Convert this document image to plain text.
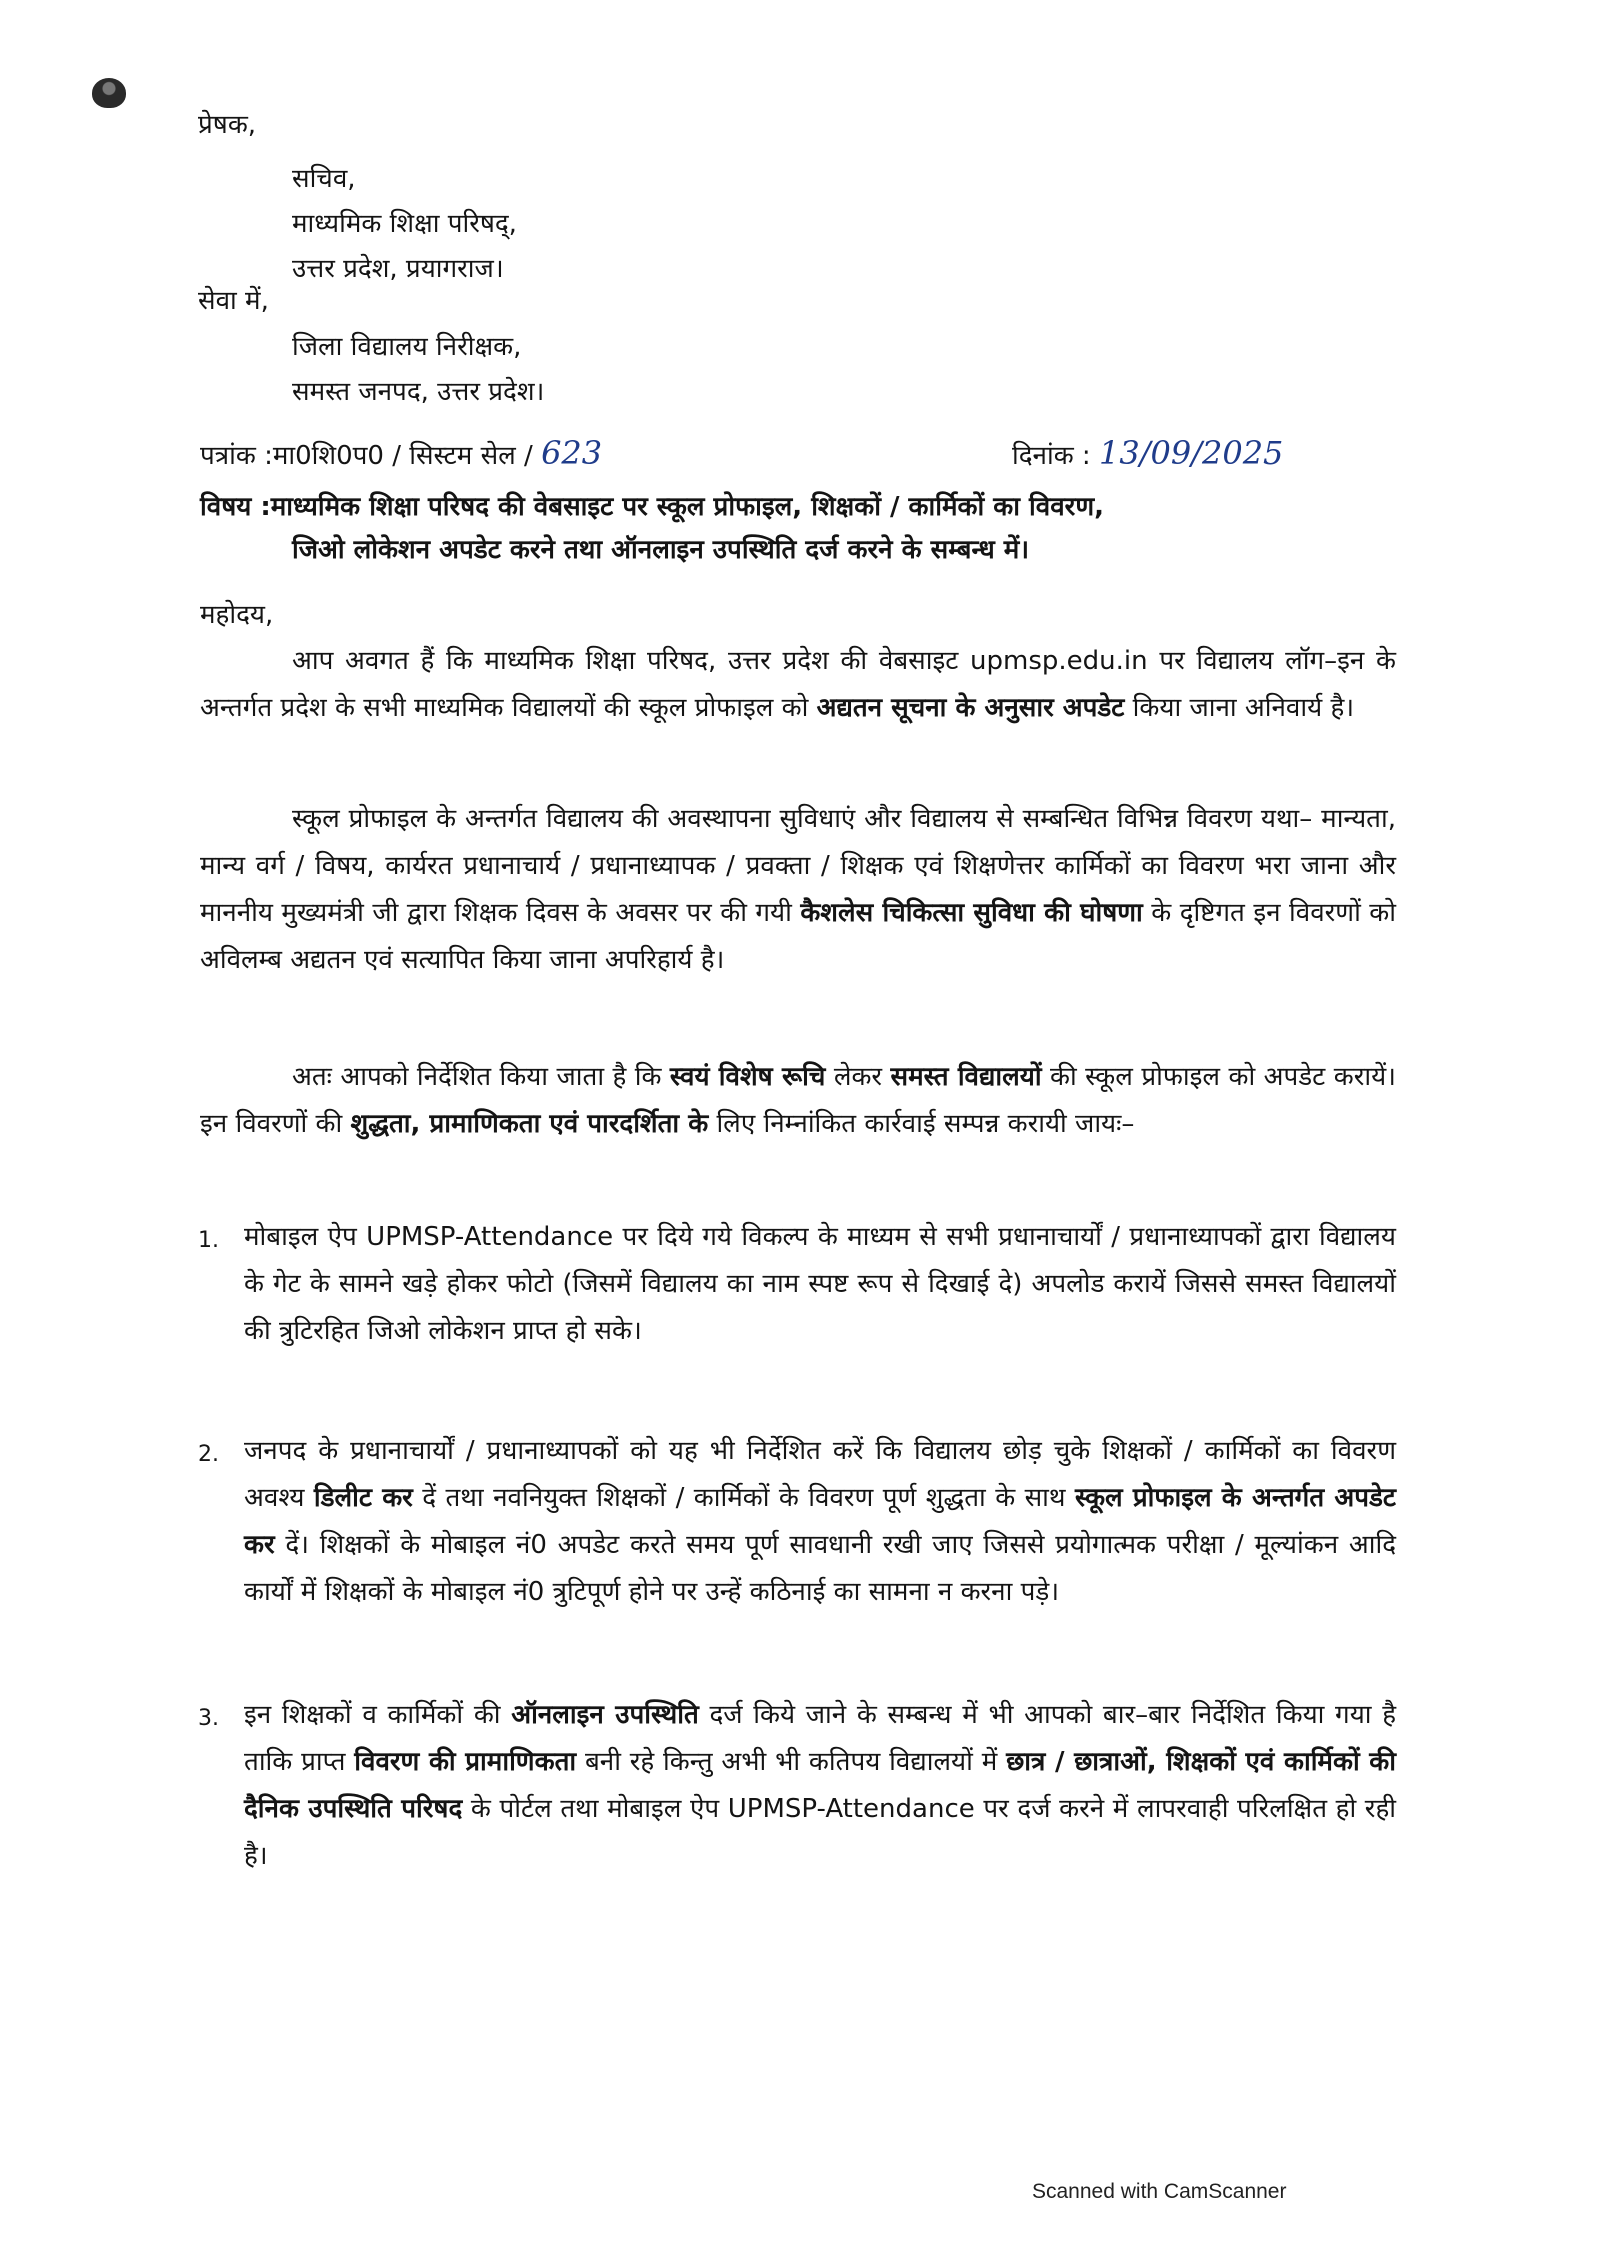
प्रेषक,
सचिव,
माध्यमिक शिक्षा परिषद्,
उत्तर प्रदेश, प्रयागराज।
सेवा में,
जिला विद्यालय निरीक्षक,
समस्त जनपद, उत्तर प्रदेश।
पत्रांक :मा0शि0प0 / सिस्टम सेल / 623	दिनांक : 13/09/2025
विषय :माध्यमिक शिक्षा परिषद की वेबसाइट पर स्कूल प्रोफाइल, शिक्षकों / कार्मिकों का विवरण,
जिओ लोकेशन अपडेट करने तथा ऑनलाइन उपस्थिति दर्ज करने के सम्बन्ध में।
महोदय,
आप अवगत हैं कि माध्यमिक शिक्षा परिषद, उत्तर प्रदेश की वेबसाइट upmsp.edu.in पर विद्यालय लॉग–इन के अन्तर्गत प्रदेश के सभी माध्यमिक विद्यालयों की स्कूल प्रोफाइल को अद्यतन सूचना के अनुसार अपडेट किया जाना अनिवार्य है।
स्कूल प्रोफाइल के अन्तर्गत विद्यालय की अवस्थापना सुविधाएं और विद्यालय से सम्बन्धित विभिन्न विवरण यथा– मान्यता, मान्य वर्ग / विषय, कार्यरत प्रधानाचार्य / प्रधानाध्यापक / प्रवक्ता / शिक्षक एवं शिक्षणेत्तर कार्मिकों का विवरण भरा जाना और माननीय मुख्यमंत्री जी द्वारा शिक्षक दिवस के अवसर पर की गयी कैशलेस चिकित्सा सुविधा की घोषणा के दृष्टिगत इन विवरणों को अविलम्ब अद्यतन एवं सत्यापित किया जाना अपरिहार्य है।
अतः आपको निर्देशित किया जाता है कि स्वयं विशेष रूचि लेकर समस्त विद्यालयों की स्कूल प्रोफाइल को अपडेट करायें। इन विवरणों की शुद्धता, प्रामाणिकता एवं पारदर्शिता के लिए निम्नांकित कार्रवाई सम्पन्न करायी जायः–
1. मोबाइल ऐप UPMSP-Attendance पर दिये गये विकल्प के माध्यम से सभी प्रधानाचार्यों / प्रधानाध्यापकों द्वारा विद्यालय के गेट के सामने खड़े होकर फोटो (जिसमें विद्यालय का नाम स्पष्ट रूप से दिखाई दे) अपलोड करायें जिससे समस्त विद्यालयों की त्रुटिरहित जिओ लोकेशन प्राप्त हो सके।
2. जनपद के प्रधानाचार्यों / प्रधानाध्यापकों को यह भी निर्देशित करें कि विद्यालय छोड़ चुके शिक्षकों / कार्मिकों का विवरण अवश्य डिलीट कर दें तथा नवनियुक्त शिक्षकों / कार्मिकों के विवरण पूर्ण शुद्धता के साथ स्कूल प्रोफाइल के अन्तर्गत अपडेट कर दें। शिक्षकों के मोबाइल नं0 अपडेट करते समय पूर्ण सावधानी रखी जाए जिससे प्रयोगात्मक परीक्षा / मूल्यांकन आदि कार्यों में शिक्षकों के मोबाइल नं0 त्रुटिपूर्ण होने पर उन्हें कठिनाई का सामना न करना पड़े।
3. इन शिक्षकों व कार्मिकों की ऑनलाइन उपस्थिति दर्ज किये जाने के सम्बन्ध में भी आपको बार–बार निर्देशित किया गया है ताकि प्राप्त विवरण की प्रामाणिकता बनी रहे किन्तु अभी भी कतिपय विद्यालयों में छात्र / छात्राओं, शिक्षकों एवं कार्मिकों की दैनिक उपस्थिति परिषद के पोर्टल तथा मोबाइल ऐप UPMSP-Attendance पर दर्ज करने में लापरवाही परिलक्षित हो रही है।
Scanned with CamScanner
